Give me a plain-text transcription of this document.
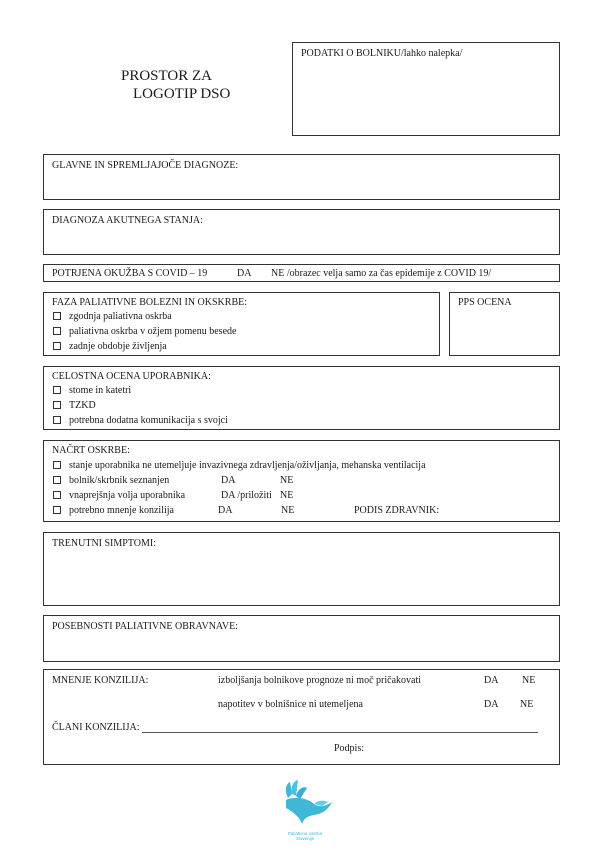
PROSTOR ZA
LOGOTIP DSO
PODATKI O BOLNIKU/lahko nalepka/
GLAVNE IN SPREMLJAJOČE DIAGNOZE:
DIAGNOZA AKUTNEGA STANJA:
POTRJENA OKUŽBA S COVID – 19	DA NE /obrazec velja samo za čas epidemije z COVID 19/
FAZA PALIATIVNE BOLEZNI IN OKSKRBE:
zgodnja paliativna oskrba
paliativna oskrba v ožjem pomenu besede
zadnje obdobje življenja
PPS OCENA
CELOSTNA OCENA UPORABNIKA:
stome in katetri
TZKD
potrebna dodatna komunikacija s svojci
NAČRT OSKRBE:
stanje uporabnika ne utemeljuje invazivnega zdravljenja/oživljanja, mehanska ventilacija
bolnik/skrbnik seznanjen	DA	NE
vnaprejšnja volja uporabnika	DA /priložiti NE
potrebno mnenje konzilija	DA	NE	PODIS ZDRAVNIK:
TRENUTNI SIMPTOMI:
POSEBNOSTI PALIATIVNE OBRAVNAVE:
MNENJE KONZILIJA:	izboljšanja bolnikove prognoze ni moč pričakovati	DA NE
napotitev v bolnišnice ni utemeljena	DA NE
ČLANI KONZILIJA:
Podpis:
Paliativna oskrba
Slovenije
